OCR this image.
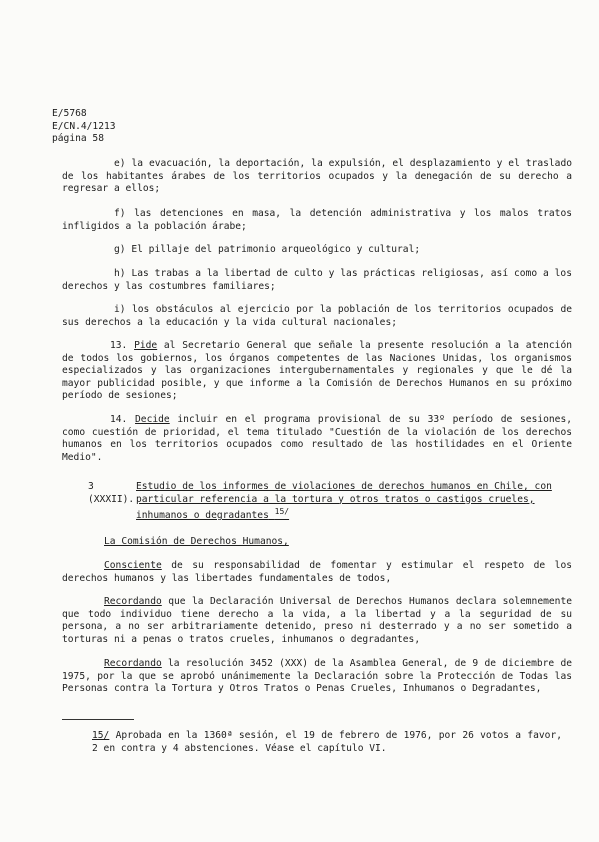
E/5768
E/CN.4/1213
página 58
e) la evacuación, la deportación, la expulsión, el desplazamiento y el traslado de los habitantes árabes de los territorios ocupados y la denegación de su derecho a regresar a ellos;
f) las detenciones en masa, la detención administrativa y los malos tratos infligidos a la población árabe;
g) El pillaje del patrimonio arqueológico y cultural;
h) Las trabas a la libertad de culto y las prácticas religiosas, así como a los derechos y las costumbres familiares;
i) los obstáculos al ejercicio por la población de los territorios ocupados de sus derechos a la educación y la vida cultural nacionales;
13. Pide al Secretario General que señale la presente resolución a la atención de todos los gobiernos, los órganos competentes de las Naciones Unidas, los organismos especializados y las organizaciones intergubernamentales y regionales y que le dé la mayor publicidad posible, y que informe a la Comisión de Derechos Humanos en su próximo período de sesiones;
14. Decide incluir en el programa provisional de su 33º período de sesiones, como cuestión de prioridad, el tema titulado "Cuestión de la violación de los derechos humanos en los territorios ocupados como resultado de las hostilidades en el Oriente Medio".
3 (XXXII).Estudio de los informes de violaciones de derechos humanos en Chile, con particular referencia a la tortura y otros tratos o castigos crueles, inhumanos o degradantes $^{15/}$
La Comisión de Derechos Humanos,
Consciente de su responsabilidad de fomentar y estimular el respeto de los derechos humanos y las libertades fundamentales de todos,
Recordando que la Declaración Universal de Derechos Humanos declara solemnemente que todo individuo tiene derecho a la vida, a la libertad y a la seguridad de su persona, a no ser arbitrariamente detenido, preso ni desterrado y a no ser sometido a torturas ni a penas o tratos crueles, inhumanos o degradantes,
Recordando la resolución 3452 (XXX) de la Asamblea General, de 9 de diciembre de 1975, por la que se aprobó unánimemente la Declaración sobre la Protección de Todas las Personas contra la Tortura y Otros Tratos o Penas Crueles, Inhumanos o Degradantes,
15/ Aprobada en la 1360ª sesión, el 19 de febrero de 1976, por 26 votos a favor, 2 en contra y 4 abstenciones. Véase el capítulo VI.
